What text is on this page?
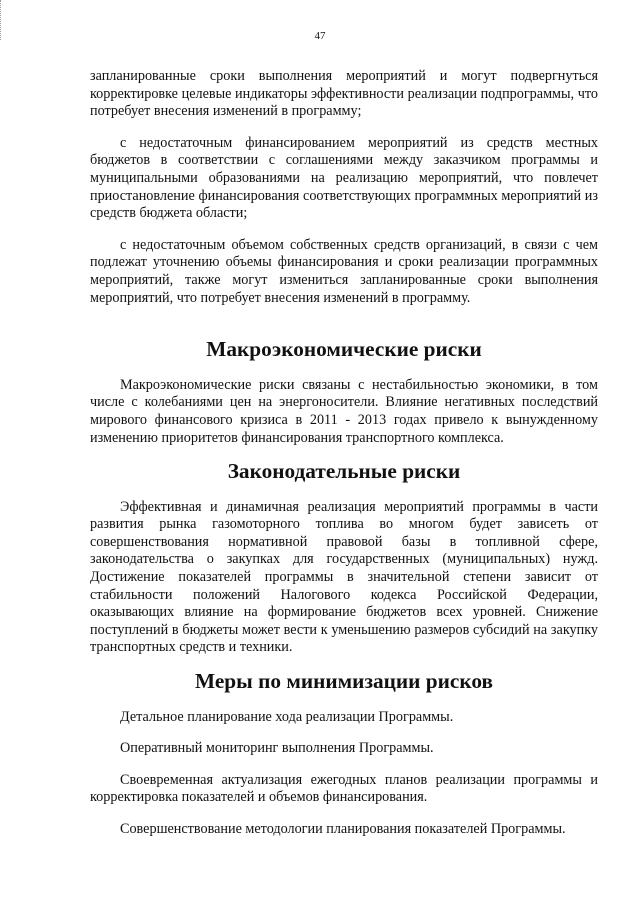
47

запланированные сроки выполнения мероприятий и могут подвергнуться корректировке целевые индикаторы эффективности реализации подпрограммы, что потребует внесения изменений в программу;

с недостаточным финансированием мероприятий из средств местных бюджетов в соответствии с соглашениями между заказчиком программы и муниципальными образованиями на реализацию мероприятий, что повлечет приостановление финансирования соответствующих программных мероприятий из средств бюджета области;

с недостаточным объемом собственных средств организаций, в связи с чем подлежат уточнению объемы финансирования и сроки реализации программных мероприятий, также могут измениться запланированные сроки выполнения мероприятий, что потребует внесения изменений в программу.

Макроэкономические риски

Макроэкономические риски связаны с нестабильностью экономики, в том числе с колебаниями цен на энергоносители. Влияние негативных последствий мирового финансового кризиса в 2011 - 2013 годах привело к вынужденному изменению приоритетов финансирования транспортного комплекса.

Законодательные риски

Эффективная и динамичная реализация мероприятий программы в части развития рынка газомоторного топлива во многом будет зависеть от совершенствования нормативной правовой базы в топливной сфере, законодательства о закупках для государственных (муниципальных) нужд. Достижение показателей программы в значительной степени зависит от стабильности положений Налогового кодекса Российской Федерации, оказывающих влияние на формирование бюджетов всех уровней. Снижение поступлений в бюджеты может вести к уменьшению размеров субсидий на закупку транспортных средств и техники.

Меры по минимизации рисков

Детальное планирование хода реализации Программы.

Оперативный мониторинг выполнения Программы.

Своевременная актуализация ежегодных планов реализации программы и корректировка показателей и объемов финансирования.

Совершенствование методологии планирования показателей Программы.
